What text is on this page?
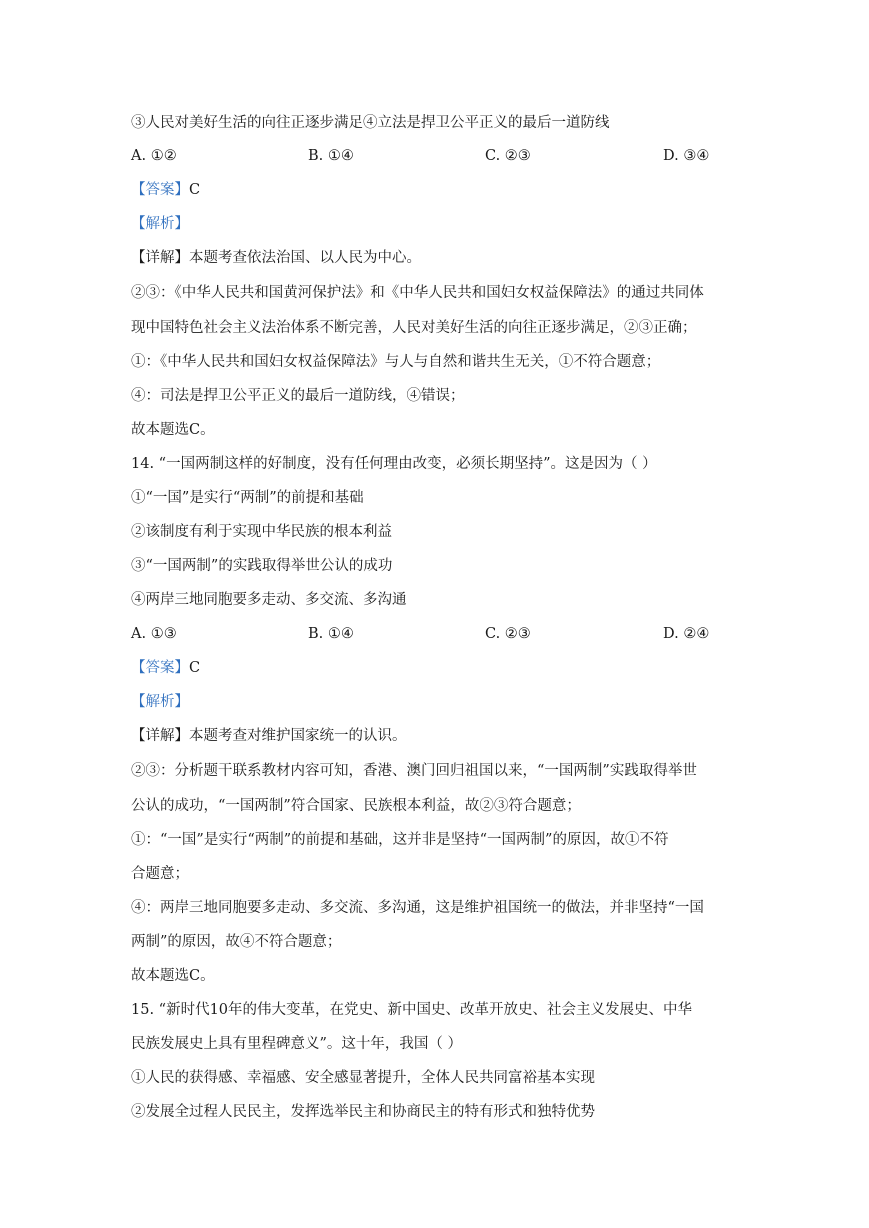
③人民对美好生活的向往正逐步满足④立法是捍卫公平正义的最后一道防线
A. ①②	B. ①④	C. ②③	D. ③④
【答案】C
【解析】
【详解】本题考查依法治国、以人民为中心。
②③：《中华人民共和国黄河保护法》和《中华人民共和国妇女权益保障法》的通过共同体
现中国特色社会主义法治体系不断完善，人民对美好生活的向往正逐步满足，②③正确；
①：《中华人民共和国妇女权益保障法》与人与自然和谐共生无关，①不符合题意；
④：司法是捍卫公平正义的最后一道防线，④错误；
故本题选C。
14. “一国两制这样的好制度，没有任何理由改变，必须长期坚持”。这是因为（ ）
①“一国”是实行“两制”的前提和基础
②该制度有利于实现中华民族的根本利益
③“一国两制”的实践取得举世公认的成功
④两岸三地同胞要多走动、多交流、多沟通
A. ①③	B. ①④	C. ②③	D. ②④
【答案】C
【解析】
【详解】本题考查对维护国家统一的认识。
②③：分析题干联系教材内容可知，香港、澳门回归祖国以来，“一国两制”实践取得举世
公认的成功，“一国两制”符合国家、民族根本利益，故②③符合题意；
①：“一国”是实行“两制”的前提和基础，这并非是坚持“一国两制”的原因，故①不符
合题意；
④：两岸三地同胞要多走动、多交流、多沟通，这是维护祖国统一的做法，并非坚持“一国
两制”的原因，故④不符合题意；
故本题选C。
15. “新时代10年的伟大变革，在党史、新中国史、改革开放史、社会主义发展史、中华
民族发展史上具有里程碑意义”。这十年，我国（ ）
①人民的获得感、幸福感、安全感显著提升，全体人民共同富裕基本实现
②发展全过程人民民主，发挥选举民主和协商民主的特有形式和独特优势
